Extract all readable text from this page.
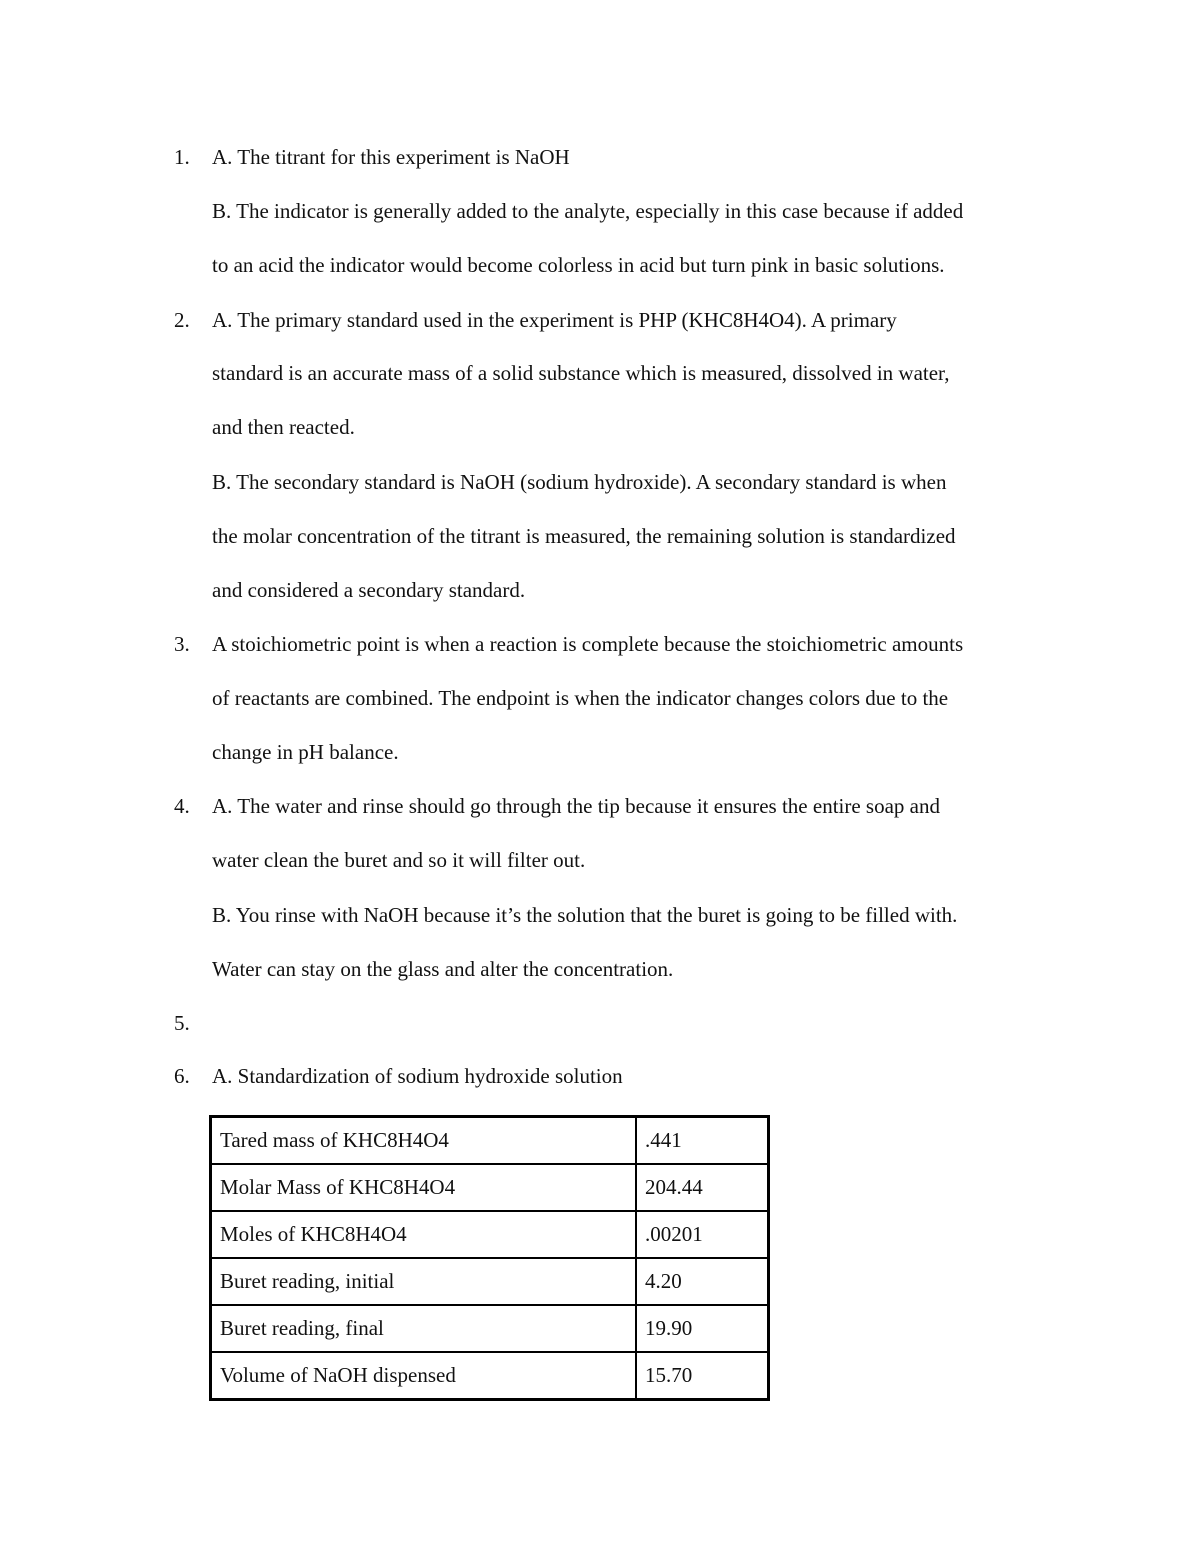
1. A. The titrant for this experiment is NaOH
B. The indicator is generally added to the analyte, especially in this case because if added
to an acid the indicator would become colorless in acid but turn pink in basic solutions.
2. A. The primary standard used in the experiment is PHP (KHC8H4O4). A primary
standard is an accurate mass of a solid substance which is measured, dissolved in water,
and then reacted.
B. The secondary standard is NaOH (sodium hydroxide). A secondary standard is when
the molar concentration of the titrant is measured, the remaining solution is standardized
and considered a secondary standard.
3. A stoichiometric point is when a reaction is complete because the stoichiometric amounts
of reactants are combined. The endpoint is when the indicator changes colors due to the
change in pH balance.
4. A. The water and rinse should go through the tip because it ensures the entire soap and
water clean the buret and so it will filter out.
B. You rinse with NaOH because it’s the solution that the buret is going to be filled with.
Water can stay on the glass and alter the concentration.
5.
6. A. Standardization of sodium hydroxide solution
Tared mass of KHC8H4O4	.441
Molar Mass of KHC8H4O4	204.44
Moles of KHC8H4O4	.00201
Buret reading, initial	4.20
Buret reading, final	19.90
Volume of NaOH dispensed	15.70
